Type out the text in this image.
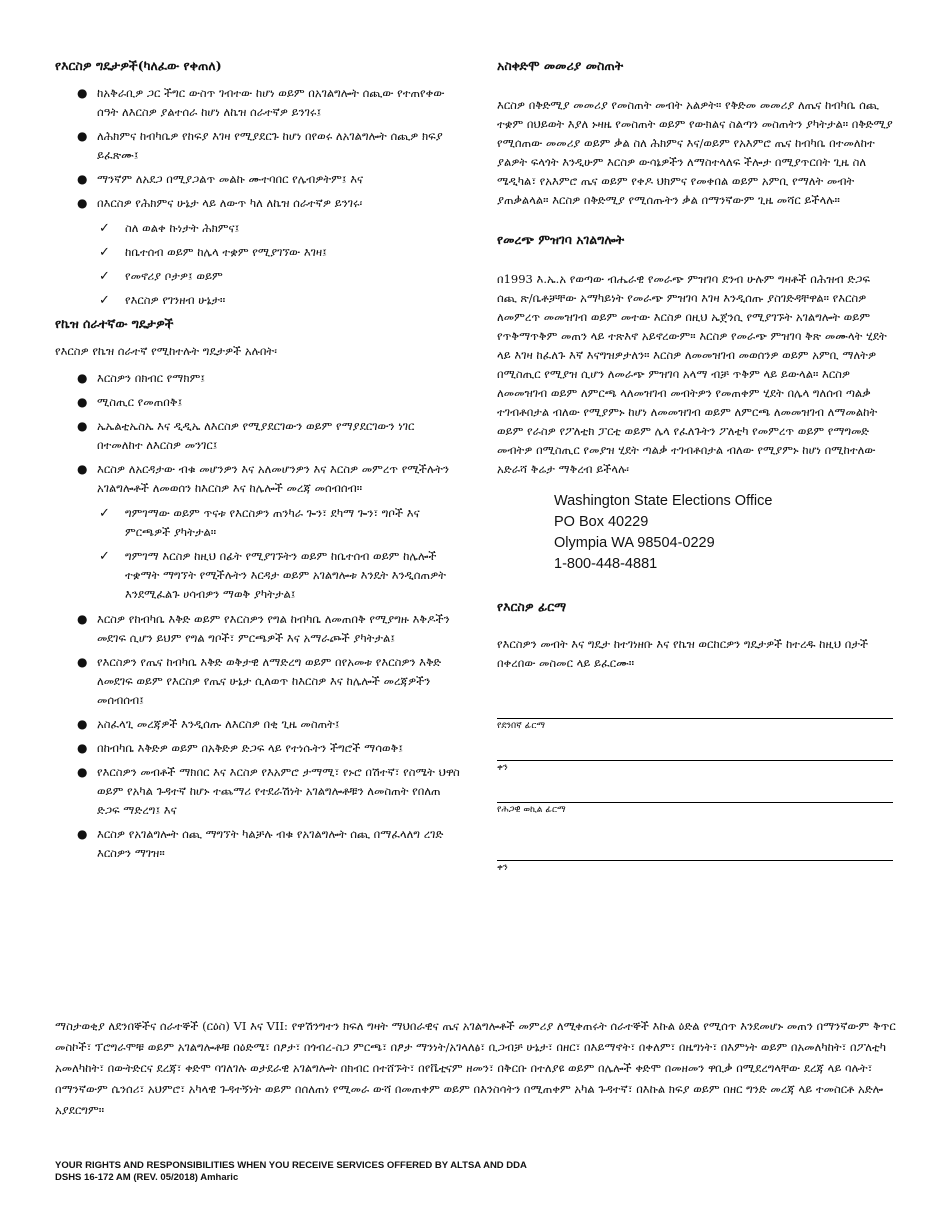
የእርስዎ ግዴታዎች(ካለፈው የቀጠለ)
● ከአቅራቢዎ ጋር ችግር ውስጥ ገብተው ከሆነ ወይም በአገልግሎት ሰጪው የተጠየቀው ሰዓት ለእርስዎ ያልተሰራ ከሆነ ለኬዝ ሰራተኛዎ ይንገሩ፤
● ለሕክምና ከብካቤዎ የከፍያ እገዛ የሚያደርጉ ከሆነ በየወሩ ለአገልግሎት ሰጪዎ ክፍያ ይፈጽሙ፤
● ማንኛም ለአደጋ በሚያጋልጥ መልኩ ሙተባበር የሌብዎትም፤ እና
● በእርስዎ የሕክምና ሁኔታ ላይ ለውጥ ካለ ለኬዝ ሰራተኛዎ ይንገሩ፡
✓ ስለ ወልቀ ኩነታት ሕክምና፤
✓ ከቤተሰብ ወይም ከሌላ ተቋም የሚያገኘው እገዛ፤
✓ የመኖሪያ ቦታዎ፤ ወይም
✓ የእርስዎ የገንዘብ ሁኔታ።
የኬዝ ሰራተኛው ግዴታዎች

የእርስዎ የኬዝ ሰራተኛ የሚከተሉት ግዴታዎች አሉበት፡

● እርስዎን በክብር የማክም፤
● ሚስጢር የመጠበቅ፤
● ኤኤልቲኤስኤ እና ዲዲኤ ለእርስዎ የሚያደርገውን ወይም የማያደርገውን ነገር በተመለከተ ለእርስዎ መንገር፤
● እርስዎ ለአርዳታው ብቁ መሆንዎን እና አለመሆንዎን እና እርስዎ መምረጥ የሚችሉትን አገልግሎቶች ለመወሰን ከእርስዎ እና ከሌሎች መረጃ መሰብሰብ።
✓ ግምገማው ወይም ጥናቱ የእርስዎን ጠንካራ ጐን፣ ደካማ ጐን፣ ግቦች እና ምርጫዎች ያካትታል።
✓ ግምገማ እርስዎ ከዚህ በፊት የሚያገኙትን ወይም ከቤተሰብ ወይም ከሌሎች ተቋማት ማግኘት የሚችሉትን እርዳታ ወይም አገልግሎቱ እንዴት እንዲሰጠዎት እንደሚፈልጉ ሀሳብዎን ማወቅ ያካትታል፤
● እርስዎ የከብካቤ እቅድ ወይም የእርስዎን የግል ከብካቤ ለመጠበቅ የሚያግዙ እቅዶችን መደገፍ ሲሆን ይህም የግል ግቦች፣ ምርጫዎች እና አማራጮች ያካትታል፤
● የእርስዎን የጤና ከብካቤ እቅድ ወቅታዊ ለማድረግ ወይም በየአመቱ የእርስዎን እቅድ ለመደገፍ ወይም የእርስዎ የጤና ሁኔታ ሲለወጥ ከእርስዎ እና ከሌሎች መረጃዎችን መሰብሰብ፤
● አስፈላጊ መረጃዎች እንዲሰጡ ለእርስዎ በቂ ጊዜ መስጠት፤
● በከብካቤ እቅድዎ ወይም በአቅድዎ ድጋፍ ላይ የተነሱትን ችግሮች ማሳወቅ፤
● የእርስዎን መብቶች ማክበር እና እርስዎ የእአምሮ ታማሚ፣ የኑሮ በሽተኛ፣ የስሜት ህዋስ ወይም የአካል ጉዳተኛ ከሆኑ ተጨማሪ የተደራሽነት አገልግሎቶቹን ለመስጠት የበለጠ ድጋፍ ማድረግ፤ እና
● እርስዎ የአገልግሎት ሰጪ ማግኘት ካልቻሉ ብቁ የአገልግሎት ሰጪ በማፈላለግ ረገድ እርስዎን ማገዝ።
አስቀድሞ መመሪያ መስጠት

እርስዎ በቅድሚያ መመሪያ የመስጠት መብት አልዎት። የቅድመ መመሪያ ለጤና ከብካቤ ሰጪ ተቋም በህይወት እያለ ኑዛዜ የመስጠት ወይም የውክልና ስልጣን መስጠትን ያካትታል። በቅድሚያ የሚሰጠው መመሪያ ወይም ቃል ስለ ሕክምና እና/ወይም የአእምሮ ጤና ከብካቤ በተመለከተ ያልዎት ፍላጎት እንዲሁም እርስዎ ውሳኔዎችን ለማስተላለፍ ችሎታ በሚያጥርበት ጊዜ ስለ ሜዲካል፣ የአእምሮ ጤና ወይም የቀዶ ህክምና የመቀበል ወይም አምቢ የማለት መብት ያጠቃልላል። እርስዎ በቅድሚያ የሚሰጡትን ቃል በማንኛውም ጊዜ መሻር ይችላሉ።

የመረጭ ምዝገባ አገልግሎት

በ1993 እ.ኤ.አ የወጣው ብሔራዊ የመራጭ ምዝገባ ደንብ ሁሉም ግዛቶች በሕዝብ ድጋፍ ሰጪ ጽ/ቤቶቻቸው አማካይነት የመራጭ ምዝገባ እገዛ እንዲሰጡ ያስገድዳቸዋል። የእርስዎ ለመምረጥ መመዝገብ ወይም መተው እርስዎ በዚህ ኤጀንሲ የሚያገኙት አገልግሎት ወይም የጥቅማጥቅም መጠን ላይ ተጽእኖ አይኖረውም። እርስዎ የመራጭ ምዝገባ ቅጽ መሙላት ሂደት ላይ እገዛ ከፈለጉ እኛ እናግዝዎታለን። እርስዎ ለመመዝገብ መወሰንዎ ወይም አምቢ ማለትዎ በሚስጢር የሚያዝ ሲሆን ለመራጭ ምዝገባ አላማ ብቻ ጥቅም ላይ ይውላል። እርስዎ ለመመዝገብ ወይም ለምርጫ ላለመዝገብ መብትዎን የመጠቀም ሂደት በሌላ ግለሰብ ጣልቃ ተገብቶበታል ብለው የሚያምኑ ከሆነ ለመመዝገብ ወይም ለምርጫ ለመመዝገብ ለማመልከት ወይም የራስዎ የፖለቲክ ፓርቲ ወይም ሌላ የፈለጉትን ፖለቲካ የመምረጥ ወይም የማግመድ መብትዎ በሚስጢር የመያዝ ሂደት ጣልቃ ተገብቶበታል ብለው የሚያምኑ ከሆነ በሚከተለው አድራሻ ቅሬታ ማቅረብ ይችላሉ፡

Washington State Elections Office
PO Box 40229
Olympia WA 98504-0229
1-800-448-4881
የእርስዎ ፊርማ

የእርስዎን መብት እና ግዴታ ከተገነዘቡ እና የኬዝ ወርከርዎን ግዴታዎች ከተረዱ ከዚህ በታች በቀረበው መስመር ላይ ይፈርሙ።

የደንበኛ ፊርማ
ቀን
የሕጋዊ ወኪል ፊርማ
ቀን

ማስታወቂያ ለደንበኞችና ሰራተኞች (ርዕስ) VI እና VII: የዋሽንግተን ክፍለ ግዛት ማህበራዊና ጤና አገልግሎቶች መምሪያ ለሚቀጠሩት ሰራተኞች እኩል ዕድል የሚሰጥ እንደመሆኑ መጠን በማንኛውም ቅጥር መስኮች፣ ፕሮግራሞቹ ወይም አገልግሎቶቹ በዕድሜ፣ በፆታ፣ በጎብረ-ስጋ ምርጫ፣ በፆታ ማንነት/አገላለፅ፣ ቢጋብቻ ሁኔታ፣ በዘር፣ በእይማኖት፣ በቀለም፣ በዜግነት፣ በእምነት ወይም በአመለካከት፣ በፖለቲካ አመለካከት፣ በውትድርና ደረጃ፣ ቀድሞ ባገለገሉ ወታደራዊ አገልግሎት በክብር በተሸኙት፣ በየቬቲናም ዘመን፣ በቅርቡ በተለያዩ ወይም በሌሎች ቀድሞ በመዘመን ዋቢቃ በሚደረግላቸው ደረጃ ላይ ባሉት፣ በማንኛውም ሴንሰሪ፣ አህምሮ፣ አካላዊ ጉዳተኝነት ወይም በሰለጠነ የሚመራ ውሻ በመጠቀም ወይም በእንስሳትን በሚጠቀም አካል ጉዳተኛ፣ በእኩል ክፍያ ወይም በዘር ግንድ መረጃ ላይ ተመስርቶ አድሎ አያደርግም።

YOUR RIGHTS AND RESPONSIBILITIES WHEN YOU RECEIVE SERVICES OFFERED BY ALTSA AND DDA
DSHS 16-172 AM (REV. 05/2018) Amharic
